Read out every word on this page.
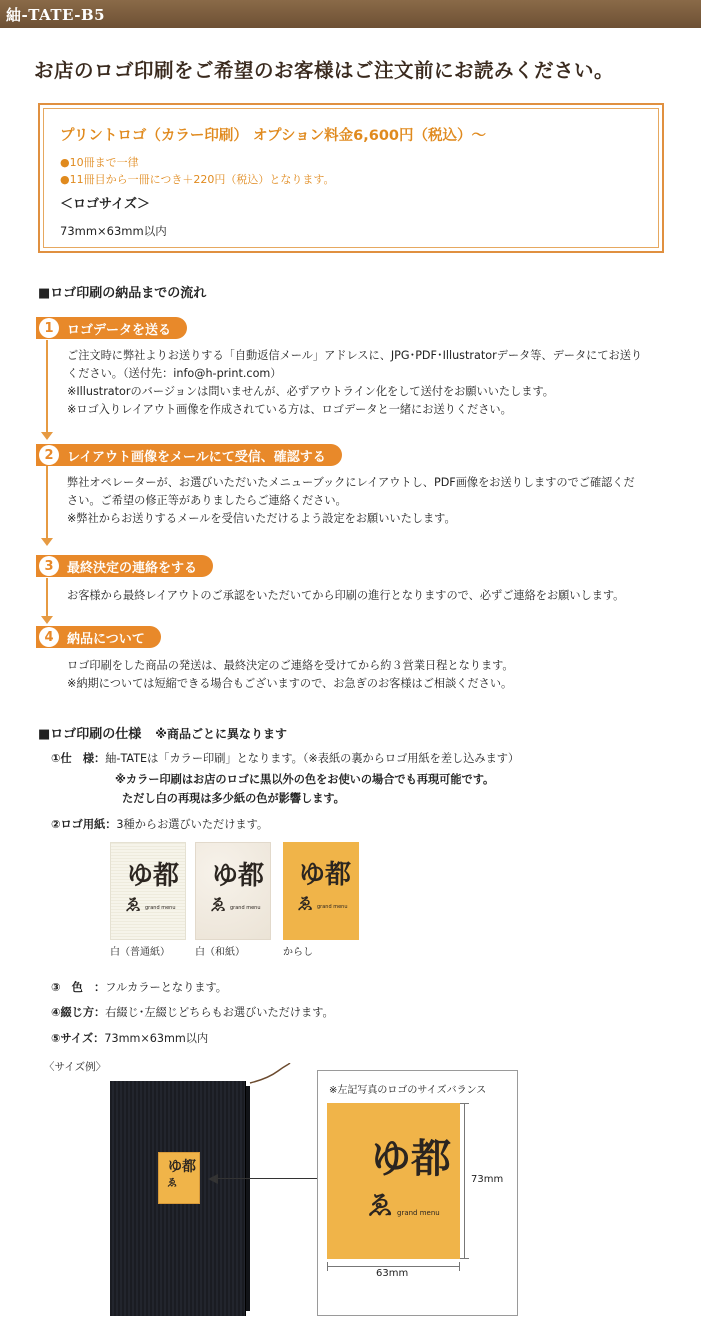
紬-TATE-B5
お店のロゴ印刷をご希望のお客様はご注文前にお読みください。
プリントロゴ（カラー印刷） オプション料金6,600円（税込）～
●10冊まで一律
●11冊目から一冊につき＋220円（税込）となります。
＜ロゴサイズ＞
73mm×63mm以内
■ロゴ印刷の納品までの流れ
1	ロゴデータを送る
ご注文時に弊社よりお送りする「自動返信メール」アドレスに、JPG･PDF･Illustratorデータ等、データにてお送り
ください。（送付先：info@h-print.com）
※Illustratorのバージョンは問いませんが、必ずアウトライン化をして送付をお願いいたします。
※ロゴ入りレイアウト画像を作成されている方は、ロゴデータと一緒にお送りください。
2	レイアウト画像をメールにて受信、確認する
弊社オペレーターが、お選びいただいたメニューブックにレイアウトし、PDF画像をお送りしますのでご確認くだ
さい。ご希望の修正等がありましたらご連絡ください。
※弊社からお送りするメールを受信いただけるよう設定をお願いいたします。
3	最終決定の連絡をする
お客様から最終レイアウトのご承認をいただいてから印刷の進行となりますので、必ずご連絡をお願いします。
4	納品について
ロゴ印刷をした商品の発送は、最終決定のご連絡を受けてから約３営業日程となります。
※納期については短縮できる場合もございますので、お急ぎのお客様はご相談ください。
■ロゴ印刷の仕様 ※商品ごとに異なります
①仕　様：紬-TATEは「カラー印刷」となります。（※表紙の裏からロゴ用紙を差し込みます）
※カラー印刷はお店のロゴに黒以外の色をお使いの場合でも再現可能です。
ただし白の再現は多少紙の色が影響します。
②ロゴ用紙：3種からお選びいただけます。
ゆ都
ゑ grand menu
ゆ都
ゑ grand menu
ゆ都
ゑ grand menu
白（普通紙）	白（和紙）	からし
③　色　：フルカラーとなります。
④綴じ方：右綴じ･左綴じどちらもお選びいただけます。
⑤サイズ：73mm×63mm以内
〈サイズ例〉
ゆ都
ゑ
※左記写真のロゴのサイズバランス
ゆ都
ゑ grand menu
73mm
63mm
